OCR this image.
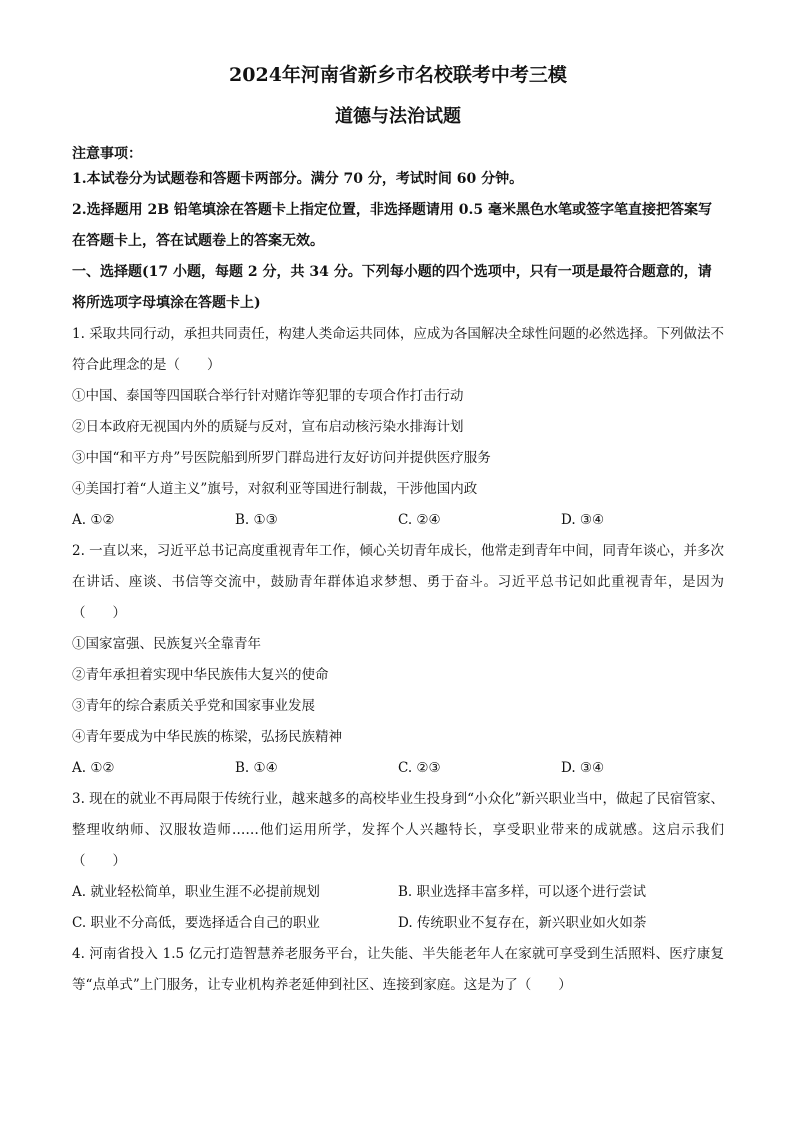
2024年河南省新乡市名校联考中考三模
道德与法治试题
注意事项：
1.本试卷分为试题卷和答题卡两部分。满分 70 分，考试时间 60 分钟。
2.选择题用 2B 铅笔填涂在答题卡上指定位置，非选择题请用 0.5 毫米黑色水笔或签字笔直接把答案写在答题卡上，答在试题卷上的答案无效。
一、选择题(17 小题，每题 2 分，共 34 分。下列每小题的四个选项中，只有一项是最符合题意的，请将所选项字母填涂在答题卡上)
1. 采取共同行动，承担共同责任，构建人类命运共同体，应成为各国解决全球性问题的必然选择。下列做法不符合此理念的是（　　）
①中国、泰国等四国联合举行针对赌诈等犯罪的专项合作打击行动
②日本政府无视国内外的质疑与反对，宣布启动核污染水排海计划
③中国“和平方舟”号医院船到所罗门群岛进行友好访问并提供医疗服务
④美国打着“人道主义”旗号，对叙利亚等国进行制裁，干涉他国内政
A. ①②	B. ①③	C. ②④	D. ③④
2. 一直以来，习近平总书记高度重视青年工作，倾心关切青年成长，他常走到青年中间，同青年谈心，并多次在讲话、座谈、书信等交流中，鼓励青年群体追求梦想、勇于奋斗。习近平总书记如此重视青年，是因为（　　）
①国家富强、民族复兴全靠青年
②青年承担着实现中华民族伟大复兴的使命
③青年的综合素质关乎党和国家事业发展
④青年要成为中华民族的栋梁，弘扬民族精神
A. ①②	B. ①④	C. ②③	D. ③④
3. 现在的就业不再局限于传统行业，越来越多的高校毕业生投身到“小众化”新兴职业当中，做起了民宿管家、整理收纳师、汉服妆造师……他们运用所学，发挥个人兴趣特长，享受职业带来的成就感。这启示我们（　　）
A. 就业轻松简单，职业生涯不必提前规划	B. 职业选择丰富多样，可以逐个进行尝试
C. 职业不分高低，要选择适合自己的职业	D. 传统职业不复存在，新兴职业如火如荼
4. 河南省投入 1.5 亿元打造智慧养老服务平台，让失能、半失能老年人在家就可享受到生活照料、医疗康复等“点单式”上门服务，让专业机构养老延伸到社区、连接到家庭。这是为了（　　）
